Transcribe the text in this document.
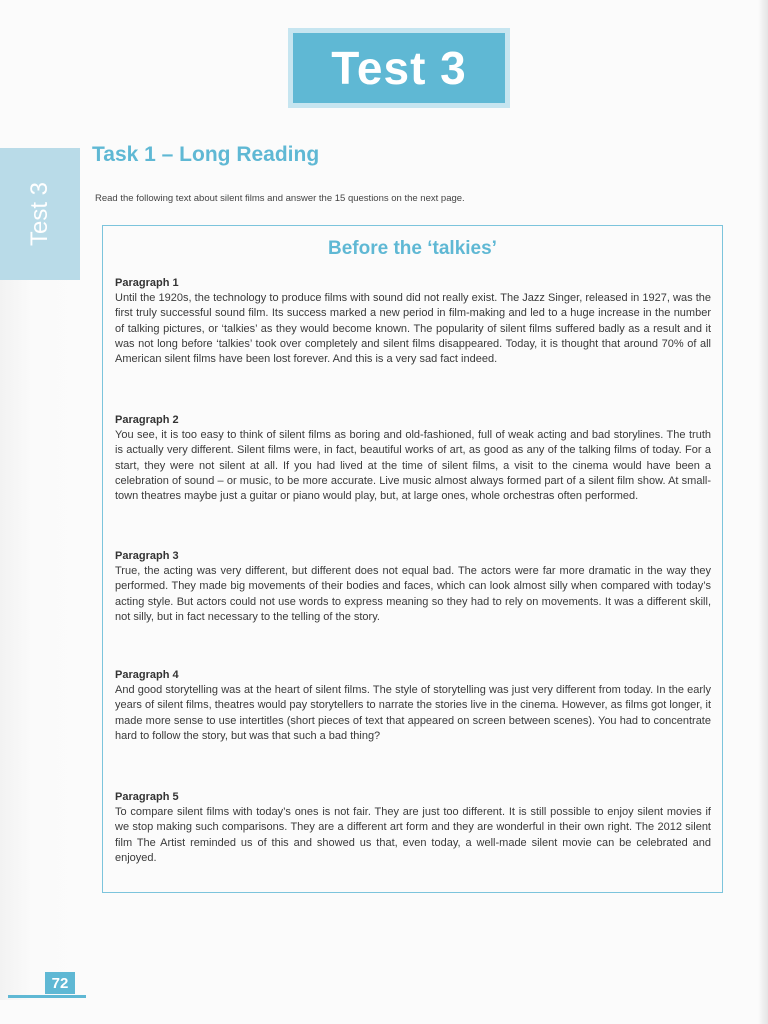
Test 3
Test 3
Task 1 – Long Reading
Read the following text about silent films and answer the 15 questions on the next page.
Before the ‘talkies’
Paragraph 1
Until the 1920s, the technology to produce films with sound did not really exist. The Jazz Singer, released in 1927, was the first truly successful sound film. Its success marked a new period in film-making and led to a huge increase in the number of talking pictures, or ‘talkies’ as they would become known. The popularity of silent films suffered badly as a result and it was not long before ‘talkies’ took over completely and silent films disappeared. Today, it is thought that around 70% of all American silent films have been lost forever. And this is a very sad fact indeed.
Paragraph 2
You see, it is too easy to think of silent films as boring and old-fashioned, full of weak acting and bad storylines. The truth is actually very different. Silent films were, in fact, beautiful works of art, as good as any of the talking films of today. For a start, they were not silent at all. If you had lived at the time of silent films, a visit to the cinema would have been a celebration of sound – or music, to be more accurate. Live music almost always formed part of a silent film show. At small-town theatres maybe just a guitar or piano would play, but, at large ones, whole orchestras often performed.
Paragraph 3
True, the acting was very different, but different does not equal bad. The actors were far more dramatic in the way they performed. They made big movements of their bodies and faces, which can look almost silly when compared with today’s acting style. But actors could not use words to express meaning so they had to rely on movements. It was a different skill, not silly, but in fact necessary to the telling of the story.
Paragraph 4
And good storytelling was at the heart of silent films. The style of storytelling was just very different from today. In the early years of silent films, theatres would pay storytellers to narrate the stories live in the cinema. However, as films got longer, it made more sense to use intertitles (short pieces of text that appeared on screen between scenes). You had to concentrate hard to follow the story, but was that such a bad thing?
Paragraph 5
To compare silent films with today’s ones is not fair. They are just too different. It is still possible to enjoy silent movies if we stop making such comparisons. They are a different art form and they are wonderful in their own right. The 2012 silent film The Artist reminded us of this and showed us that, even today, a well-made silent movie can be celebrated and enjoyed.
72
